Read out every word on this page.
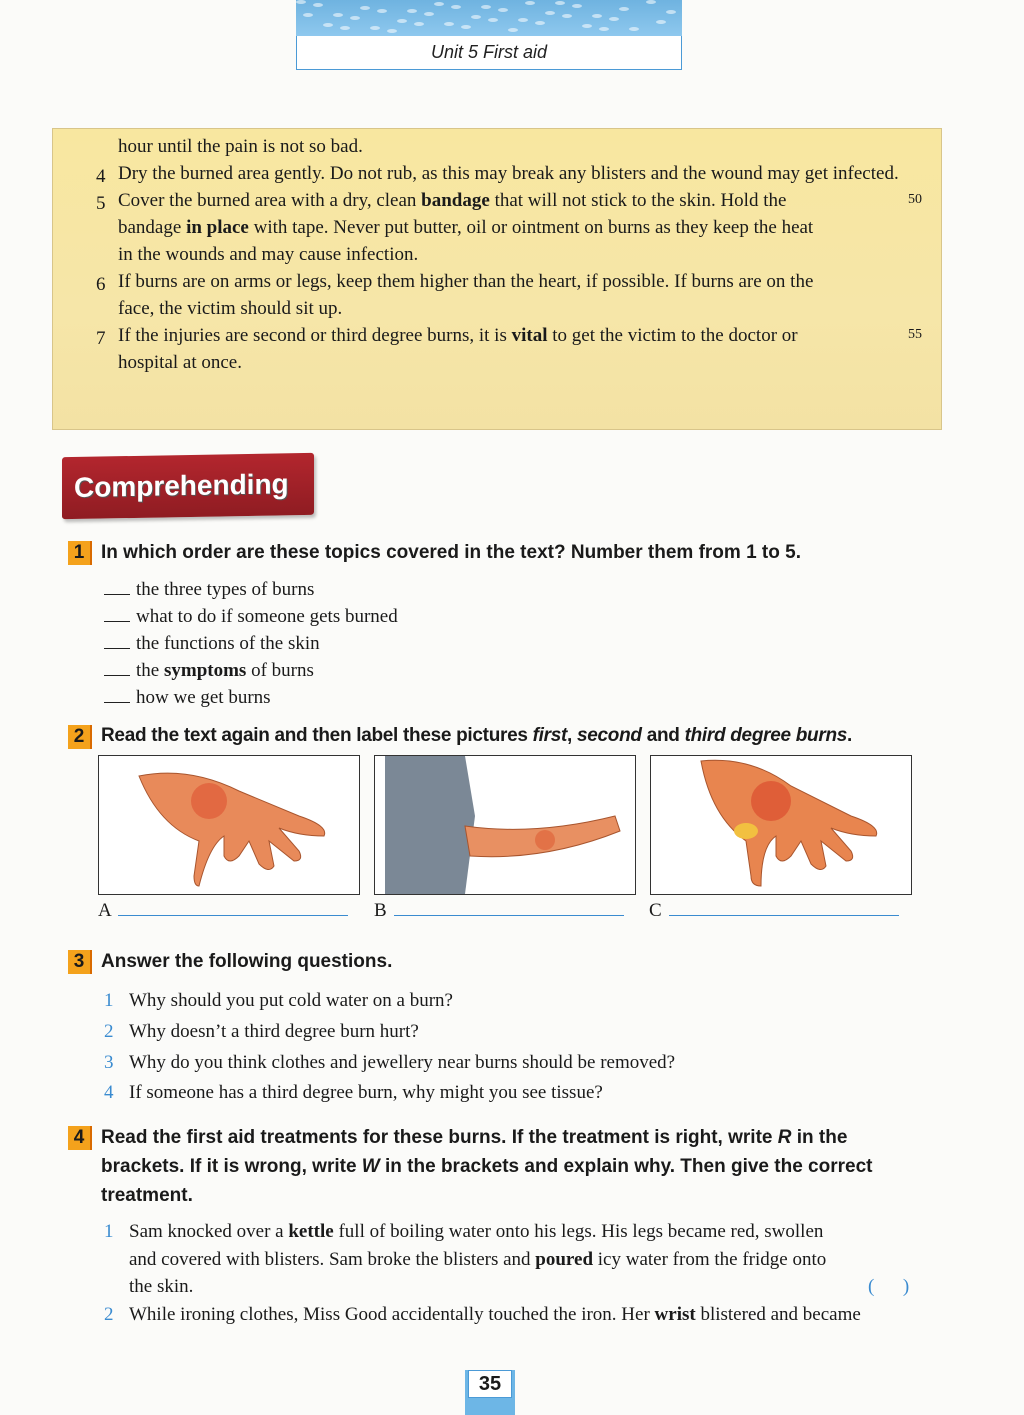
Unit 5 First aid
Comprehending
1 In which order are these topics covered in the text? Number them from 1 to 5.
2 Read the text again and then label these pictures first, second and third degree burns.
A	B	C
3 Answer the following questions.
4 Read the first aid treatments for these burns. If the treatment is right, write R in the brackets. If it is wrong, write W in the brackets and explain why. Then give the correct treatment.
35
hour until the pain is not so bad.
Dry the burned area gently. Do not rub, as this may break any blisters and the wound may get infected.
4
Cover the burned area with a dry, clean bandage that will not stick to the skin. Hold the
5	50
bandage in place with tape. Never put butter, oil or ointment on burns as they keep the heat
in the wounds and may cause infection.
If burns are on arms or legs, keep them higher than the heart, if possible. If burns are on the
6
face, the victim should sit up.
If the injuries are second or third degree burns, it is vital to get the victim to the doctor or
7	55
hospital at once.
the three types of burns
what to do if someone gets burned
the functions of the skin
the symptoms of burns
how we get burns
1 Why should you put cold water on a burn?
2 Why doesn’t a third degree burn hurt?
3 Why do you think clothes and jewellery near burns should be removed?
4 If someone has a third degree burn, why might you see tissue?
1 Sam knocked over a kettle full of boiling water onto his legs. His legs became red, swollen
and covered with blisters. Sam broke the blisters and poured icy water from the fridge onto
the skin.	(      )
2 While ironing clothes, Miss Good accidentally touched the iron. Her wrist blistered and became
